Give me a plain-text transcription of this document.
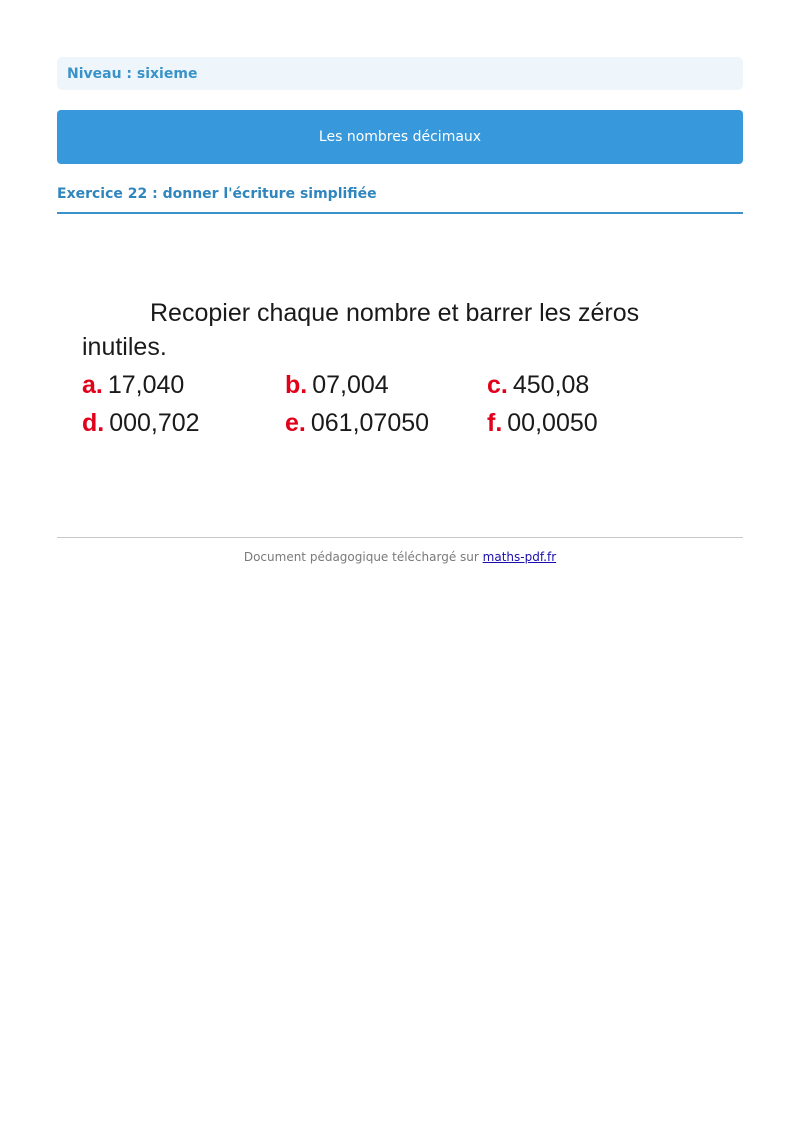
Niveau : sixieme
Les nombres décimaux
Exercice 22 : donner l'écriture simplifiée

Recopier chaque nombre et barrer les zéros inutiles.

a. 17,040	b. 07,004	c. 450,08
d. 000,702	e. 061,07050	f. 00,0050
Document pédagogique téléchargé sur maths-pdf.fr
